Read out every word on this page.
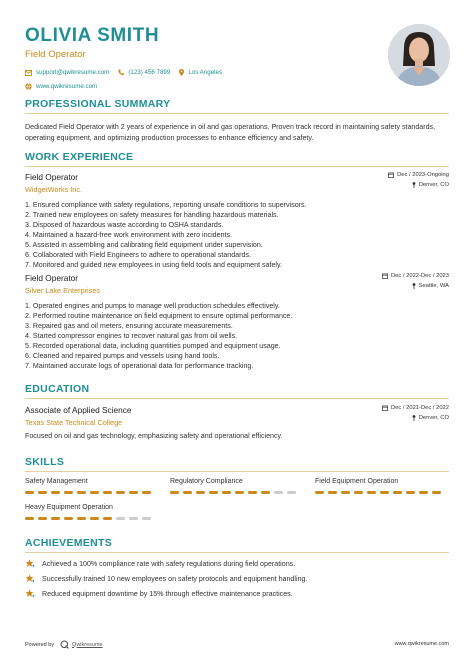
OLIVIA SMITH
Field Operator
support@qwikresume.com	(123) 456 7899	Los Angeles
www.qwikresume.com
PROFESSIONAL SUMMARY
Dedicated Field Operator with 2 years of experience in oil and gas operations. Proven track record in maintaining safety standards, operating equipment, and optimizing production processes to enhance efficiency and safety.
WORK EXPERIENCE
Field Operator
WidgetWorks Inc.
Dec / 2023-Ongoing
Denver, CO
1. Ensured compliance with safety regulations, reporting unsafe conditions to supervisors.
2. Trained new employees on safety measures for handling hazardous materials.
3. Disposed of hazardous waste according to OSHA standards.
4. Maintained a hazard-free work environment with zero incidents.
5. Assisted in assembling and calibrating field equipment under supervision.
6. Collaborated with Field Engineers to adhere to operational standards.
7. Monitored and guided new employees in using field tools and equipment safely.
Field Operator
Silver Lake Enterprises
Dec / 2022-Dec / 2023
Seattle, WA
1. Operated engines and pumps to manage well production schedules effectively.
2. Performed routine maintenance on field equipment to ensure optimal performance.
3. Repaired gas and oil meters, ensuring accurate measurements.
4. Started compressor engines to recover natural gas from oil wells.
5. Recorded operational data, including quantities pumped and equipment usage.
6. Cleaned and repaired pumps and vessels using hand tools.
7. Maintained accurate logs of operational data for performance tracking.
EDUCATION
Associate of Applied Science
Texas State Technical College
Dec / 2021-Dec / 2022
Denver, CO
Focused on oil and gas technology, emphasizing safety and operational efficiency.
SKILLS
Safety Management	Regulatory Compliance	Field Equipment Operation
Heavy Equipment Operation
ACHIEVEMENTS
Achieved a 100% compliance rate with safety regulations during field operations.
Successfully trained 10 new employees on safety protocols and equipment handling.
Reduced equipment downtime by 15% through effective maintenance practices.
Powered by	Qwikresume	www.qwikresume.com
